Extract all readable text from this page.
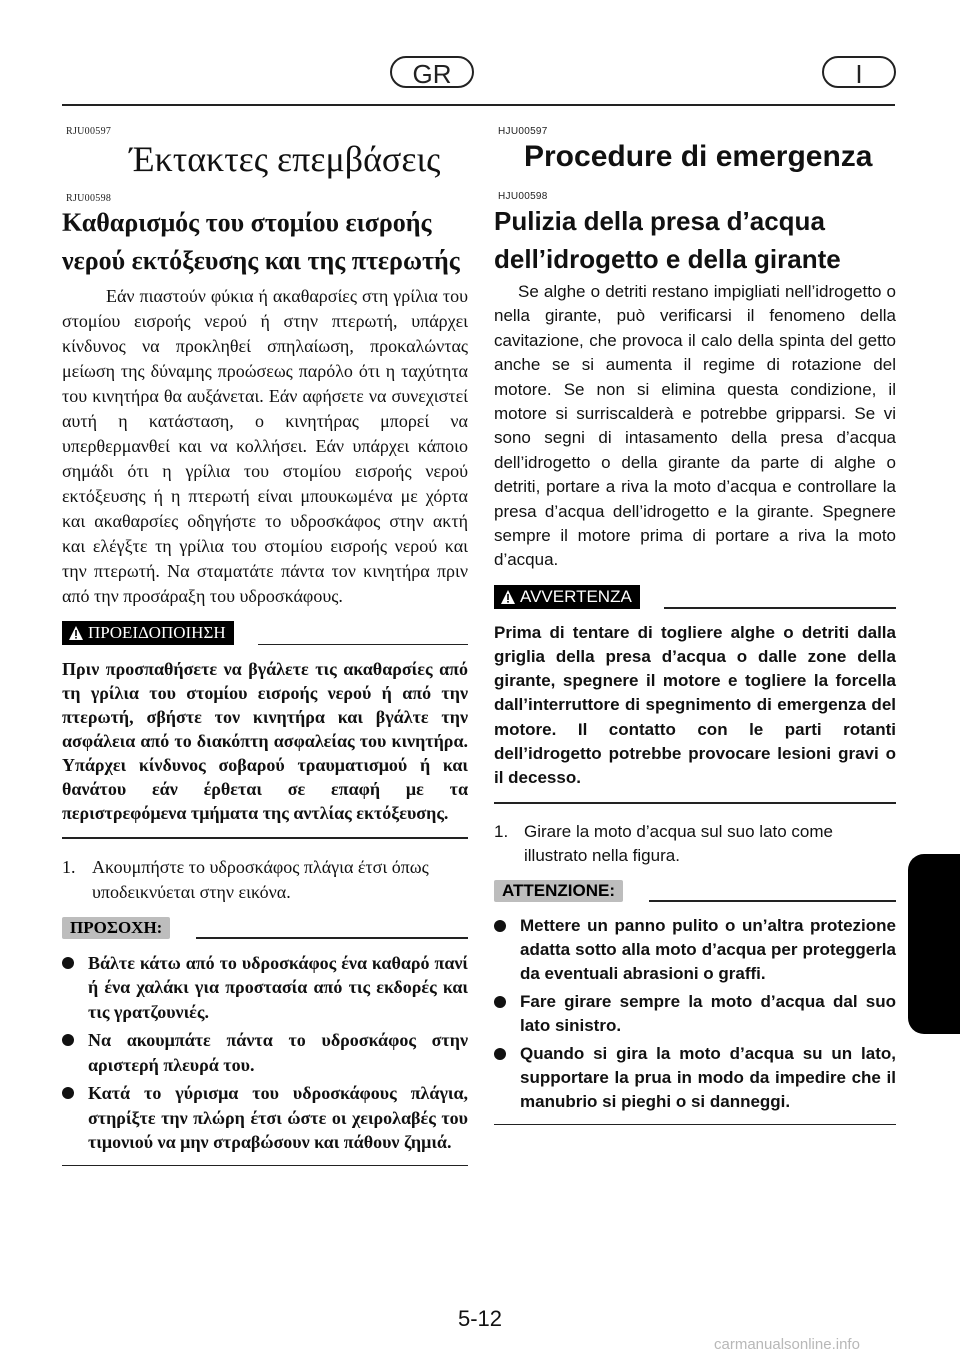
GR	I
RJU00597
Έκτακτες επεμβάσεις
RJU00598
Καθαρισμός του στομίου εισροής νερού εκτόξευσης και της πτερωτής

Εάν πιαστούν φύκια ή ακαθαρσίες στη γρίλια του στομίου εισροής νερού ή στην πτερωτή, υπάρχει κίνδυνος να προκληθεί σπηλαίωση, προκαλώντας μείωση της δύναμης προώσεως παρόλο ότι η ταχύτητα του κινητήρα θα αυξάνεται. Εάν αφήσετε να συνεχιστεί αυτή η κατάσταση, ο κινητήρας μπορεί να υπερθερμανθεί και να κολλήσει. Εάν υπάρχει κάποιο σημάδι ότι η γρίλια του στομίου εισροής νερού εκτόξευσης ή η πτερωτή είναι μπουκωμένα με χόρτα και ακαθαρσίες οδηγήστε το υδροσκάφος στην ακτή και ελέγξτε τη γρίλια του στομίου εισροής νερού και την πτερωτή. Να σταματάτε πάντα τον κινητήρα πριν από την προσάραξη του υδροσκάφους.

ΠΡΟΕΙΔΟΠΟΙΗΣΗ

Πριν προσπαθήσετε να βγάλετε τις ακαθαρσίες από τη γρίλια του στομίου εισροής νερού ή από την πτερωτή, σβήστε τον κινητήρα και βγάλτε την ασφάλεια από το διακόπτη ασφαλείας του κινητήρα. Υπάρχει κίνδυνος σοβαρού τραυματισμού ή και θανάτου εάν έρθεται σε επαφή με τα περιστρεφόμενα τμήματα της αντλίας εκτόξευσης.

1. Ακουμπήστε το υδροσκάφος πλάγια έτσι όπως υποδεικνύεται στην εικόνα.
ΠΡΟΣΟΧΗ:
Βάλτε κάτω από το υδροσκάφος ένα καθαρό πανί ή ένα χαλάκι για προστασία από τις εκδορές και τις γρατζουνιές.
Να ακουμπάτε πάντα το υδροσκάφος στην αριστερή πλευρά του.
Κατά το γύρισμα του υδροσκάφους πλάγια, στηρίξτε την πλώρη έτσι ώστε οι χειρολαβές του τιμονιού να μην στραβώσουν και πάθουν ζημιά.
HJU00597
Procedure di emergenza
HJU00598
Pulizia della presa d’acqua dell’idrogetto e della girante

Se alghe o detriti restano impigliati nell’idrogetto o nella girante, può verificarsi il fenomeno della cavitazione, che provoca il calo della spinta del getto anche se si aumenta il regime di rotazione del motore. Se non si elimina questa condizione, il motore si surriscalderà e potrebbe gripparsi. Se vi sono segni di intasamento della presa d’acqua dell’idrogetto o della girante da parte di alghe o detriti, portare a riva la moto d’acqua e controllare la presa d’acqua dell’idrogetto e la girante. Spegnere sempre il motore prima di portare a riva la moto d’acqua.

AVVERTENZA

Prima di tentare di togliere alghe o detriti dalla griglia della presa d’acqua o dalle zone della girante, spegnere il motore e togliere la forcella dall’interruttore di spegnimento di emergenza del motore. Il contatto con le parti rotanti dell’idrogetto potrebbe provocare lesioni gravi o il decesso.

1. Girare la moto d’acqua sul suo lato come illustrato nella figura.
ATTENZIONE:
Mettere un panno pulito o un’altra protezione adatta sotto alla moto d’acqua per proteggerla da eventuali abrasioni o graffi.
Fare girare sempre la moto d’acqua dal suo lato sinistro.
Quando si gira la moto d’acqua su un lato, supportare la prua in modo da impedire che il manubrio si pieghi o si danneggi.
5-12
carmanualsonline.info
